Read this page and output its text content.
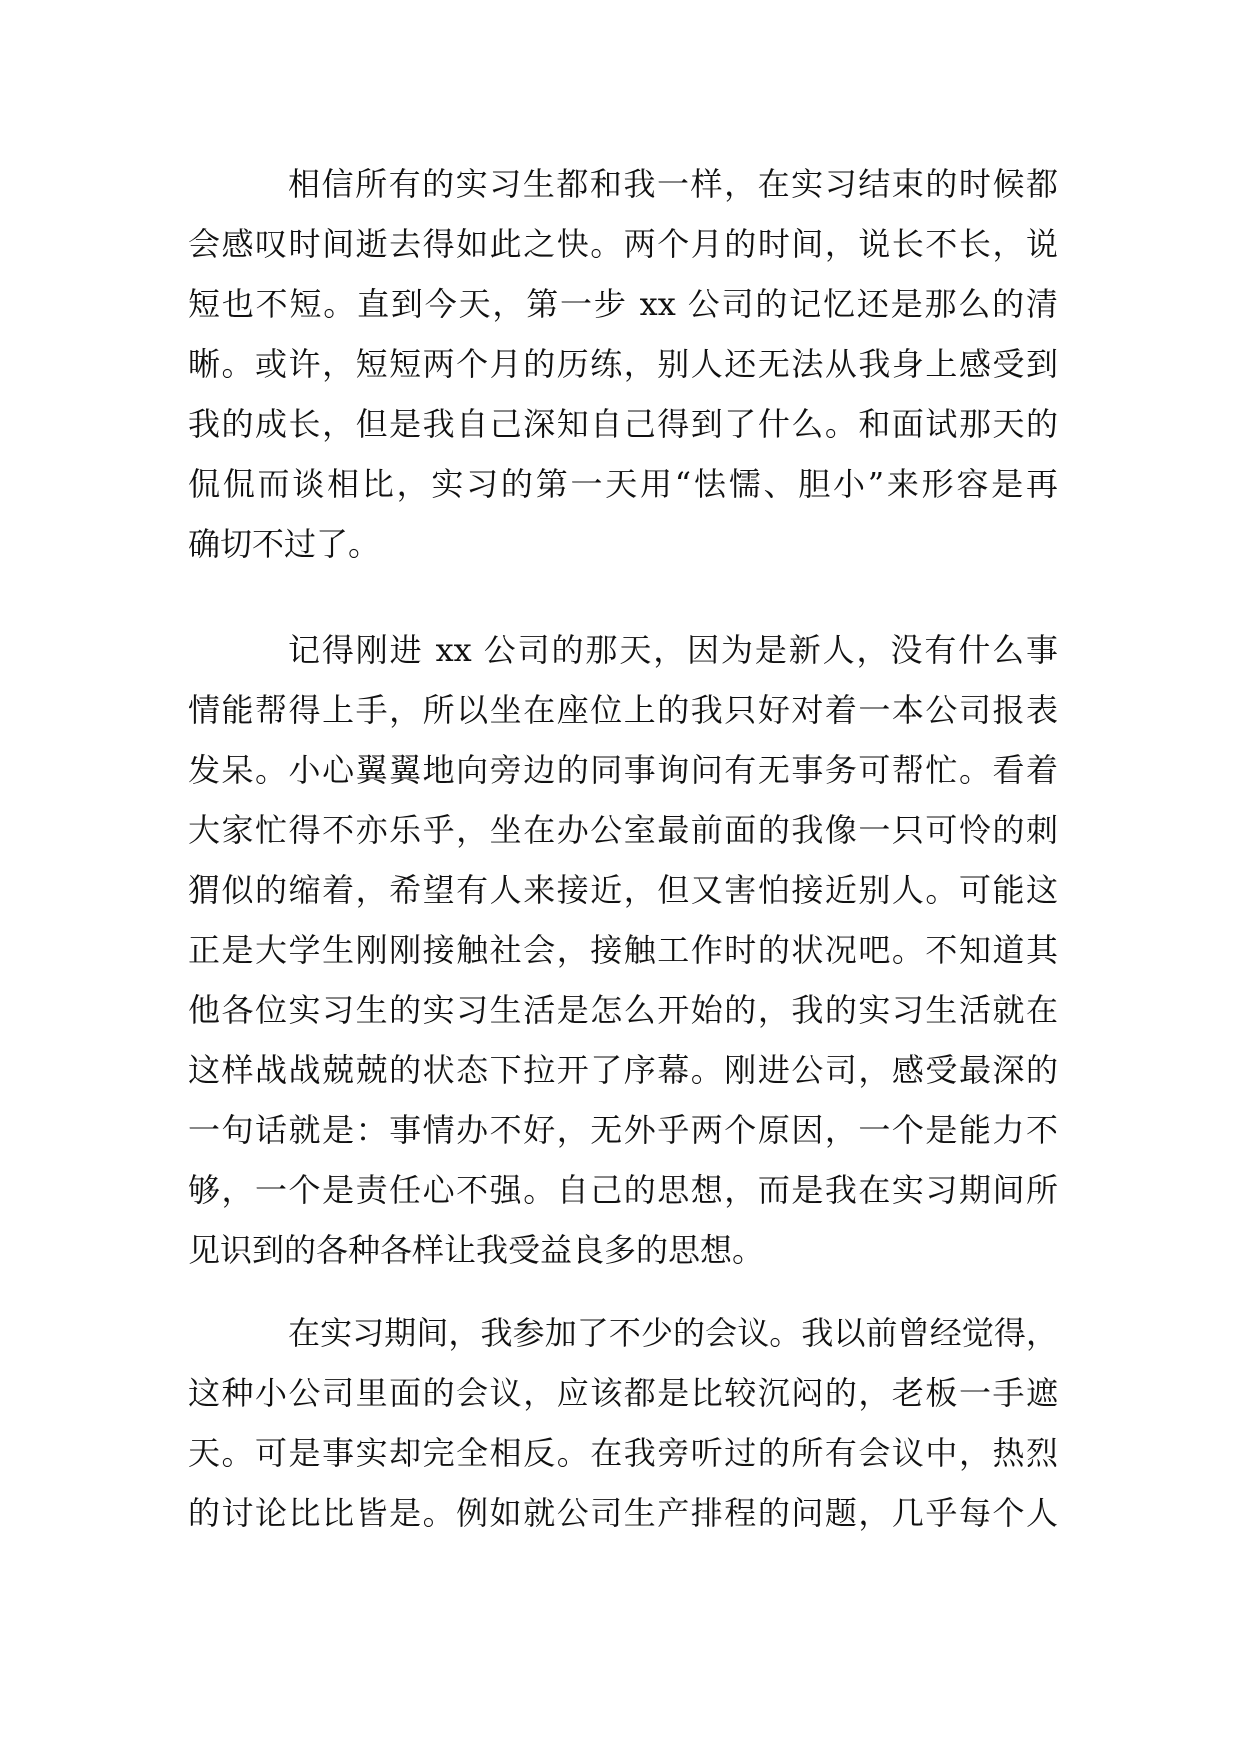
相信所有的实习生都和我一样，在实习结束的时候都
会感叹时间逝去得如此之快。两个月的时间，说长不长，说
短也不短。直到今天，第一步 xx 公司的记忆还是那么的清
晰。或许，短短两个月的历练，别人还无法从我身上感受到
我的成长，但是我自己深知自己得到了什么。和面试那天的
侃侃而谈相比，实习的第一天用“怯懦、胆小”来形容是再
确切不过了。
记得刚进 xx 公司的那天，因为是新人，没有什么事
情能帮得上手，所以坐在座位上的我只好对着一本公司报表
发呆。小心翼翼地向旁边的同事询问有无事务可帮忙。看着
大家忙得不亦乐乎，坐在办公室最前面的我像一只可怜的刺
猬似的缩着，希望有人来接近，但又害怕接近别人。可能这
正是大学生刚刚接触社会，接触工作时的状况吧。不知道其
他各位实习生的实习生活是怎么开始的，我的实习生活就在
这样战战兢兢的状态下拉开了序幕。刚进公司，感受最深的
一句话就是：事情办不好，无外乎两个原因，一个是能力不
够，一个是责任心不强。自己的思想，而是我在实习期间所
见识到的各种各样让我受益良多的思想。
在实习期间，我参加了不少的会议。我以前曾经觉得，
这种小公司里面的会议，应该都是比较沉闷的，老板一手遮
天。可是事实却完全相反。在我旁听过的所有会议中，热烈
的讨论比比皆是。例如就公司生产排程的问题，几乎每个人
